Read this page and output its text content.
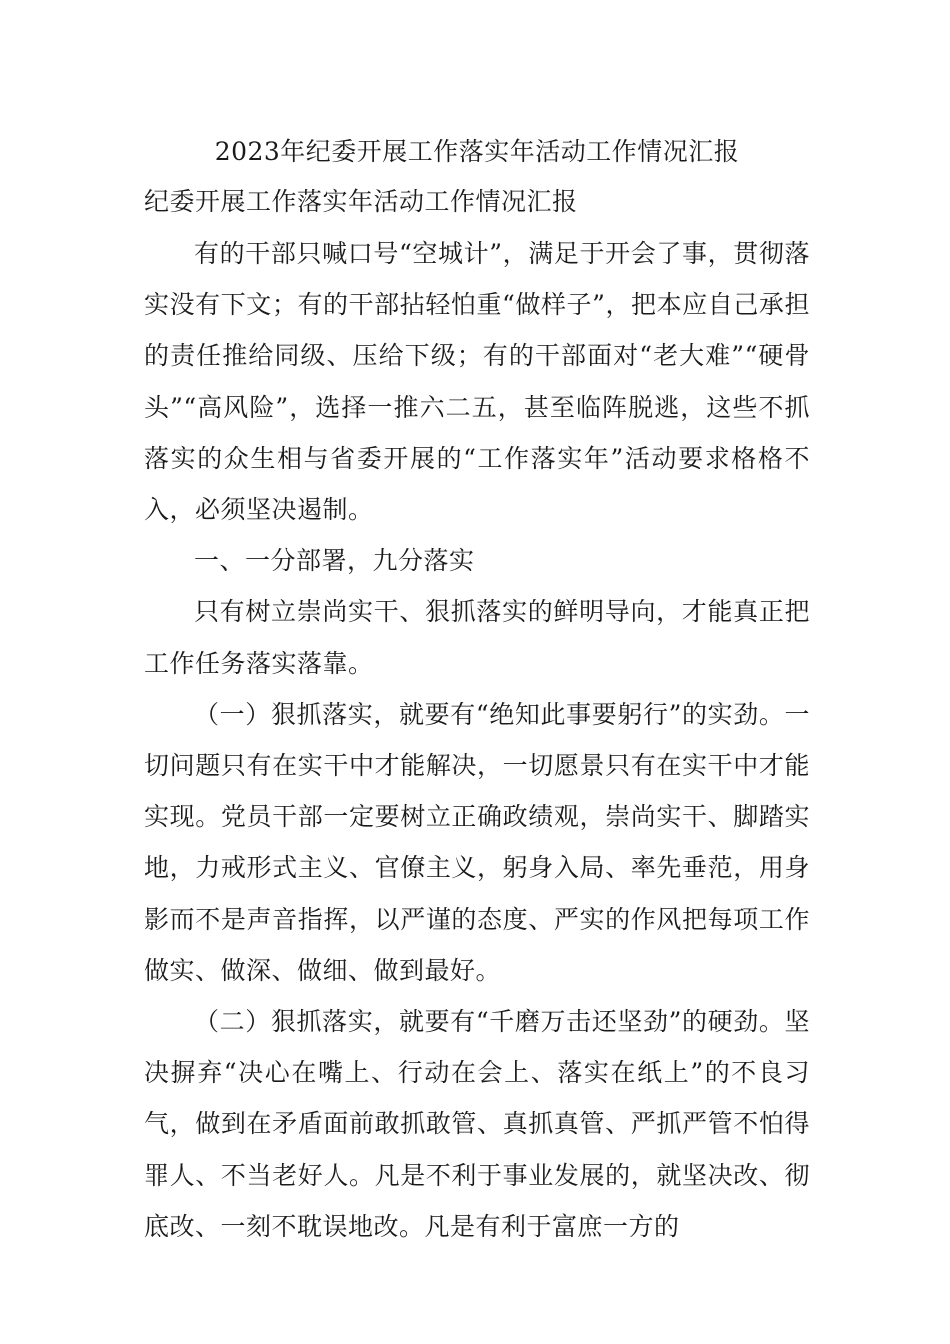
2023年纪委开展工作落实年活动工作情况汇报
纪委开展工作落实年活动工作情况汇报

有的干部只喊口号“空城计”，满足于开会了事，贯彻落实没有下文；有的干部拈轻怕重“做样子”，把本应自己承担的责任推给同级、压给下级；有的干部面对“老大难”“硬骨头”“高风险”，选择一推六二五，甚至临阵脱逃，这些不抓落实的众生相与省委开展的“工作落实年”活动要求格格不入，必须坚决遏制。

一、一分部署，九分落实

只有树立崇尚实干、狠抓落实的鲜明导向，才能真正把工作任务落实落靠。

（一）狠抓落实，就要有“绝知此事要躬行”的实劲。一切问题只有在实干中才能解决，一切愿景只有在实干中才能实现。党员干部一定要树立正确政绩观，崇尚实干、脚踏实地，力戒形式主义、官僚主义，躬身入局、率先垂范，用身影而不是声音指挥，以严谨的态度、严实的作风把每项工作做实、做深、做细、做到最好。

（二）狠抓落实，就要有“千磨万击还坚劲”的硬劲。坚决摒弃“决心在嘴上、行动在会上、落实在纸上”的不良习气，做到在矛盾面前敢抓敢管、真抓真管、严抓严管不怕得罪人、不当老好人。凡是不利于事业发展的，就坚决改、彻底改、一刻不耽误地改。凡是有利于富庶一方的
